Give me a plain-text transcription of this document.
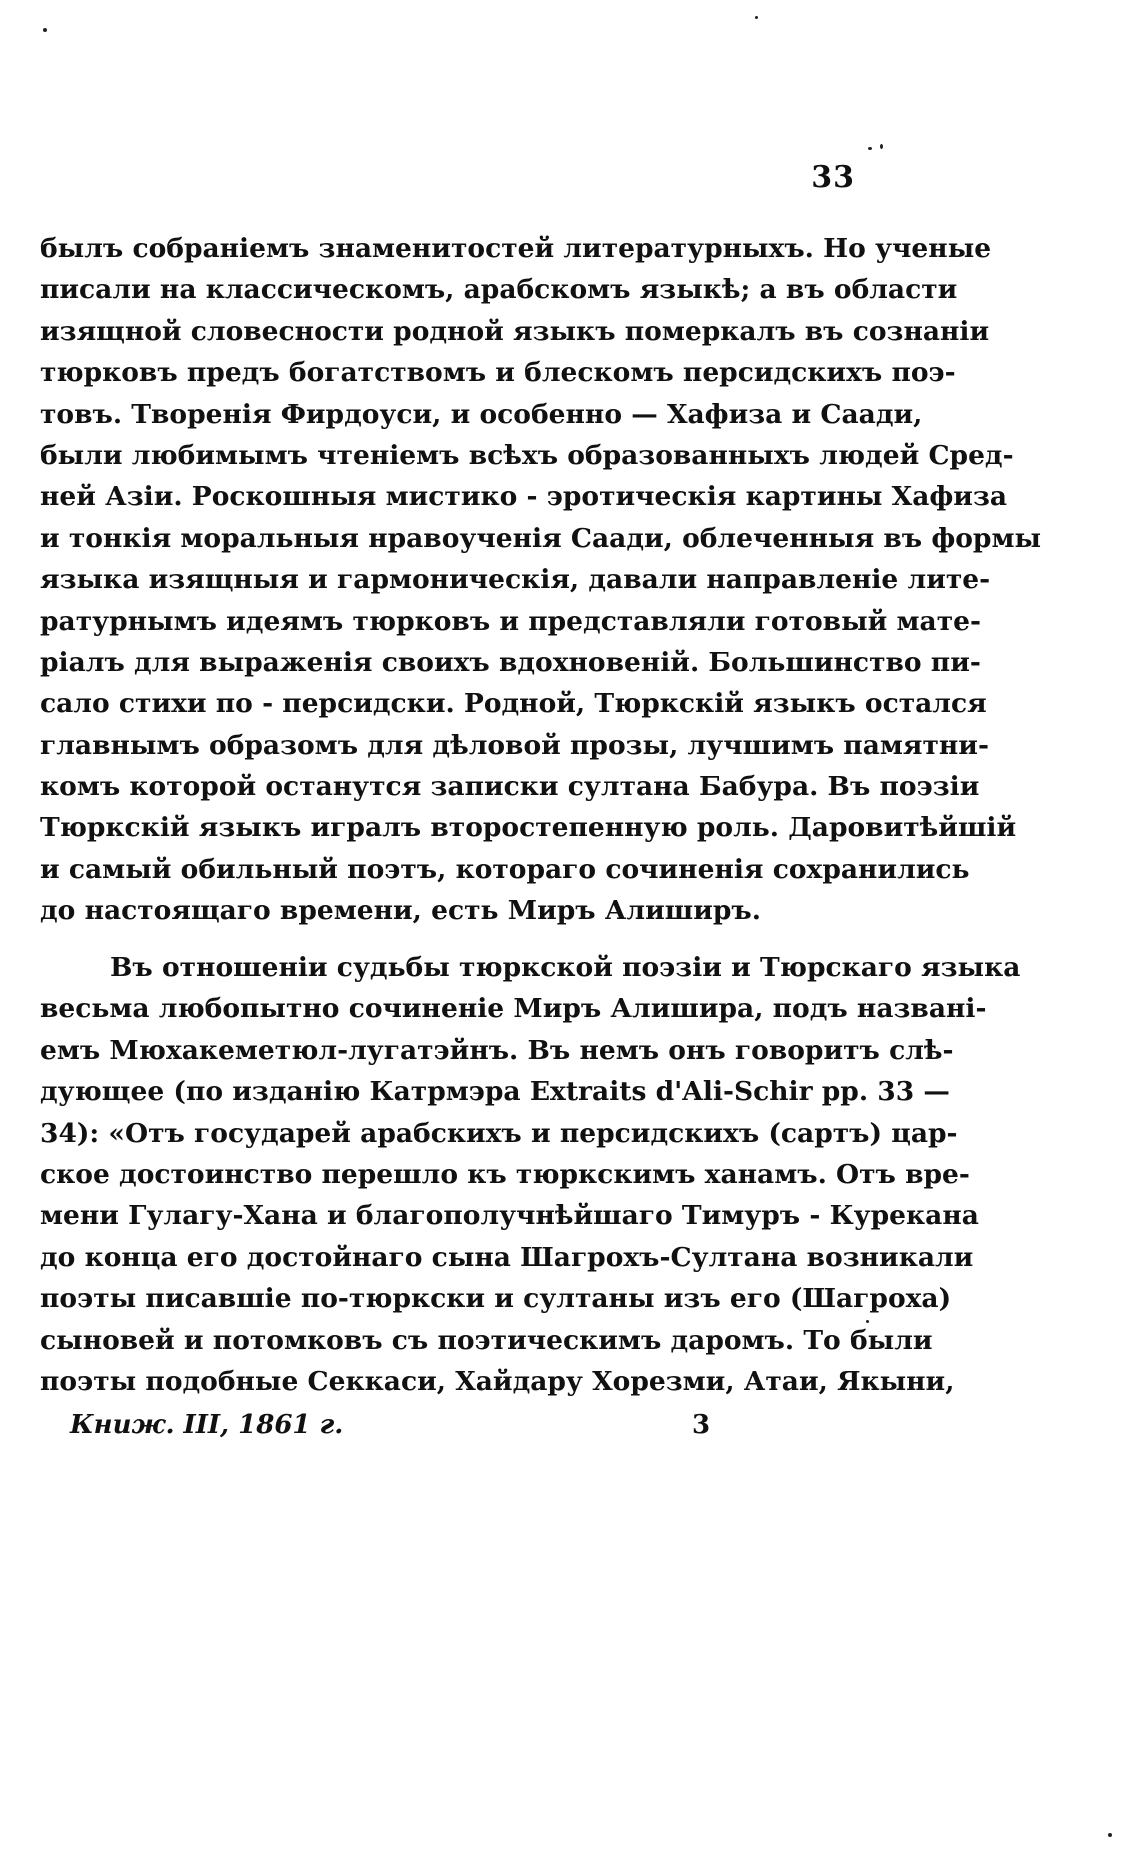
33
былъ собраніемъ знаменитостей литературныхъ. Но ученые
писали на классическомъ, арабскомъ языкѣ; а въ области
изящной словесности родной языкъ померкалъ въ сознаніи
тюрковъ предъ богатствомъ и блескомъ персидскихъ поэ-
товъ. Творенія Фирдоуси, и особенно — Хафиза и Саади,
были любимымъ чтеніемъ всѣхъ образованныхъ людей Сред-
ней Азіи. Роскошныя мистико - эротическія картины Хафиза
и тонкія моральныя нравоученія Саади, облеченныя въ формы
языка изящныя и гармоническія, давали направленіе лите-
ратурнымъ идеямъ тюрковъ и представляли готовый мате-
ріалъ для выраженія своихъ вдохновеній. Большинство пи-
сало стихи по - персидски. Родной, Тюркскій языкъ остался
главнымъ образомъ для дѣловой прозы, лучшимъ памятни-
комъ которой останутся записки султана Бабура. Въ поэзіи
Тюркскій языкъ игралъ второстепенную роль. Даровитѣйшій
и самый обильный поэтъ, котораго сочиненія сохранились
до настоящаго времени, есть Миръ Алиширъ.
Въ отношеніи судьбы тюркской поэзіи и Тюрскаго языка
весьма любопытно сочиненіе Миръ Алишира, подъ названі-
емъ Мюхакеметюл-лугатэйнъ. Въ немъ онъ говоритъ слѣ-
дующее (по изданію Катрмэра Extraits d'Ali-Schir pp. 33 —
34): «Отъ государей арабскихъ и персидскихъ (сартъ) цар-
ское достоинство перешло къ тюркскимъ ханамъ. Отъ вре-
мени Гулагу-Хана и благополучнѣйшаго Тимуръ - Курекана
до конца его достойнаго сына Шагрохъ-Султана возникали
поэты писавшіе по-тюркски и султаны изъ его (Шагроха)
сыновей и потомковъ съ поэтическимъ даромъ. То были
поэты подобные Секкаси, Хайдару Хорезми, Атаи, Якыни,
Книж. III, 1861 г.	3
